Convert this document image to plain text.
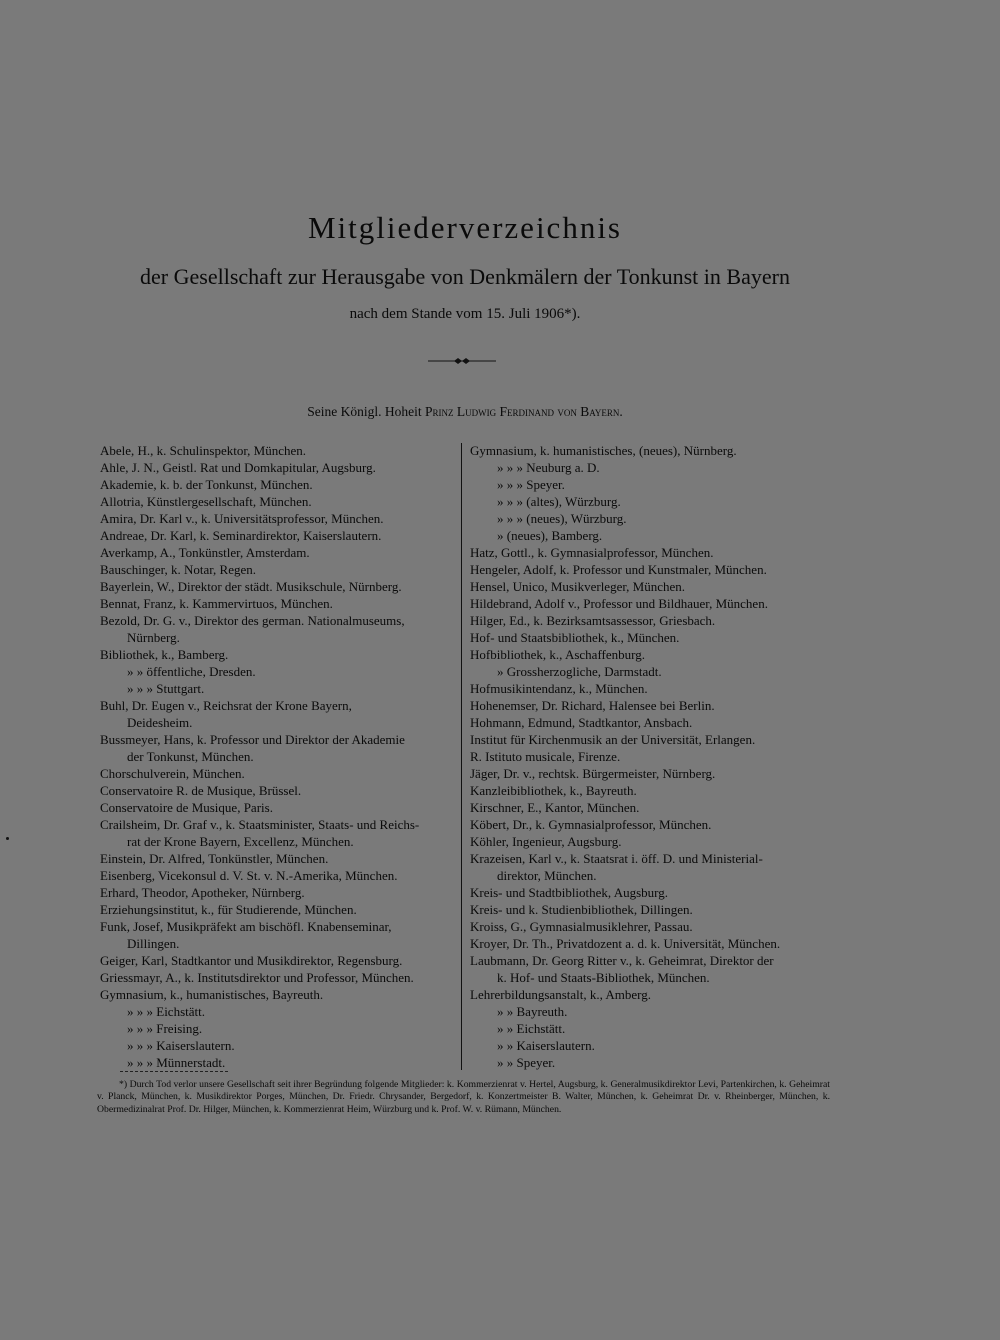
Mitgliederverzeichnis
der Gesellschaft zur Herausgabe von Denkmälern der Tonkunst in Bayern
nach dem Stande vom 15. Juli 1906*).
Seine Königl. Hoheit Prinz Ludwig Ferdinand von Bayern.
Abele, H., k. Schulinspektor, München.
Ahle, J. N., Geistl. Rat und Domkapitular, Augsburg.
Akademie, k. b. der Tonkunst, München.
Allotria, Künstlergesellschaft, München.
Amira, Dr. Karl v., k. Universitätsprofessor, München.
Andreae, Dr. Karl, k. Seminardirektor, Kaiserslautern.
Averkamp, A., Tonkünstler, Amsterdam.
Bauschinger, k. Notar, Regen.
Bayerlein, W., Direktor der städt. Musikschule, Nürnberg.
Bennat, Franz, k. Kammervirtuos, München.
Bezold, Dr. G. v., Direktor des german. Nationalmuseums,
Nürnberg.
Bibliothek, k., Bamberg.
» » öffentliche, Dresden.
» » » Stuttgart.
Buhl, Dr. Eugen v., Reichsrat der Krone Bayern,
Deidesheim.
Bussmeyer, Hans, k. Professor und Direktor der Akademie
der Tonkunst, München.
Chorschulverein, München.
Conservatoire R. de Musique, Brüssel.
Conservatoire de Musique, Paris.
Crailsheim, Dr. Graf v., k. Staatsminister, Staats- und Reichs-
rat der Krone Bayern, Excellenz, München.
Einstein, Dr. Alfred, Tonkünstler, München.
Eisenberg, Vicekonsul d. V. St. v. N.-Amerika, München.
Erhard, Theodor, Apotheker, Nürnberg.
Erziehungsinstitut, k., für Studierende, München.
Funk, Josef, Musikpräfekt am bischöfl. Knabenseminar,
Dillingen.
Geiger, Karl, Stadtkantor und Musikdirektor, Regensburg.
Griessmayr, A., k. Institutsdirektor und Professor, München.
Gymnasium, k., humanistisches, Bayreuth.
» » » Eichstätt.
» » » Freising.
» » » Kaiserslautern.
» » » Münnerstadt.
Gymnasium, k. humanistisches, (neues), Nürnberg.
» » » Neuburg a. D.
» » » Speyer.
» » » (altes), Würzburg.
» » » (neues), Würzburg.
» (neues), Bamberg.
Hatz, Gottl., k. Gymnasialprofessor, München.
Hengeler, Adolf, k. Professor und Kunstmaler, München.
Hensel, Unico, Musikverleger, München.
Hildebrand, Adolf v., Professor und Bildhauer, München.
Hilger, Ed., k. Bezirksamtsassessor, Griesbach.
Hof- und Staatsbibliothek, k., München.
Hofbibliothek, k., Aschaffenburg.
» Grossherzogliche, Darmstadt.
Hofmusikintendanz, k., München.
Hohenemser, Dr. Richard, Halensee bei Berlin.
Hohmann, Edmund, Stadtkantor, Ansbach.
Institut für Kirchenmusik an der Universität, Erlangen.
R. Istituto musicale, Firenze.
Jäger, Dr. v., rechtsk. Bürgermeister, Nürnberg.
Kanzleibibliothek, k., Bayreuth.
Kirschner, E., Kantor, München.
Köbert, Dr., k. Gymnasialprofessor, München.
Köhler, Ingenieur, Augsburg.
Krazeisen, Karl v., k. Staatsrat i. öff. D. und Ministerial-
direktor, München.
Kreis- und Stadtbibliothek, Augsburg.
Kreis- und k. Studienbibliothek, Dillingen.
Kroiss, G., Gymnasialmusiklehrer, Passau.
Kroyer, Dr. Th., Privatdozent a. d. k. Universität, München.
Laubmann, Dr. Georg Ritter v., k. Geheimrat, Direktor der
k. Hof- und Staats-Bibliothek, München.
Lehrerbildungsanstalt, k., Amberg.
» » Bayreuth.
» » Eichstätt.
» » Kaiserslautern.
» » Speyer.
*) Durch Tod verlor unsere Gesellschaft seit ihrer Begründung folgende Mitglieder: k. Kommerzienrat v. Hertel, Augsburg, k. Generalmusikdirektor Levi, Partenkirchen, k. Geheimrat v. Planck, München, k. Musikdirektor Porges, München, Dr. Friedr. Chrysander, Bergedorf, k. Konzertmeister B. Walter, München, k. Geheimrat Dr. v. Rheinberger, München, k. Obermedizinalrat Prof. Dr. Hilger, München, k. Kommerzienrat Heim, Würzburg und k. Prof. W. v. Rümann, München.
